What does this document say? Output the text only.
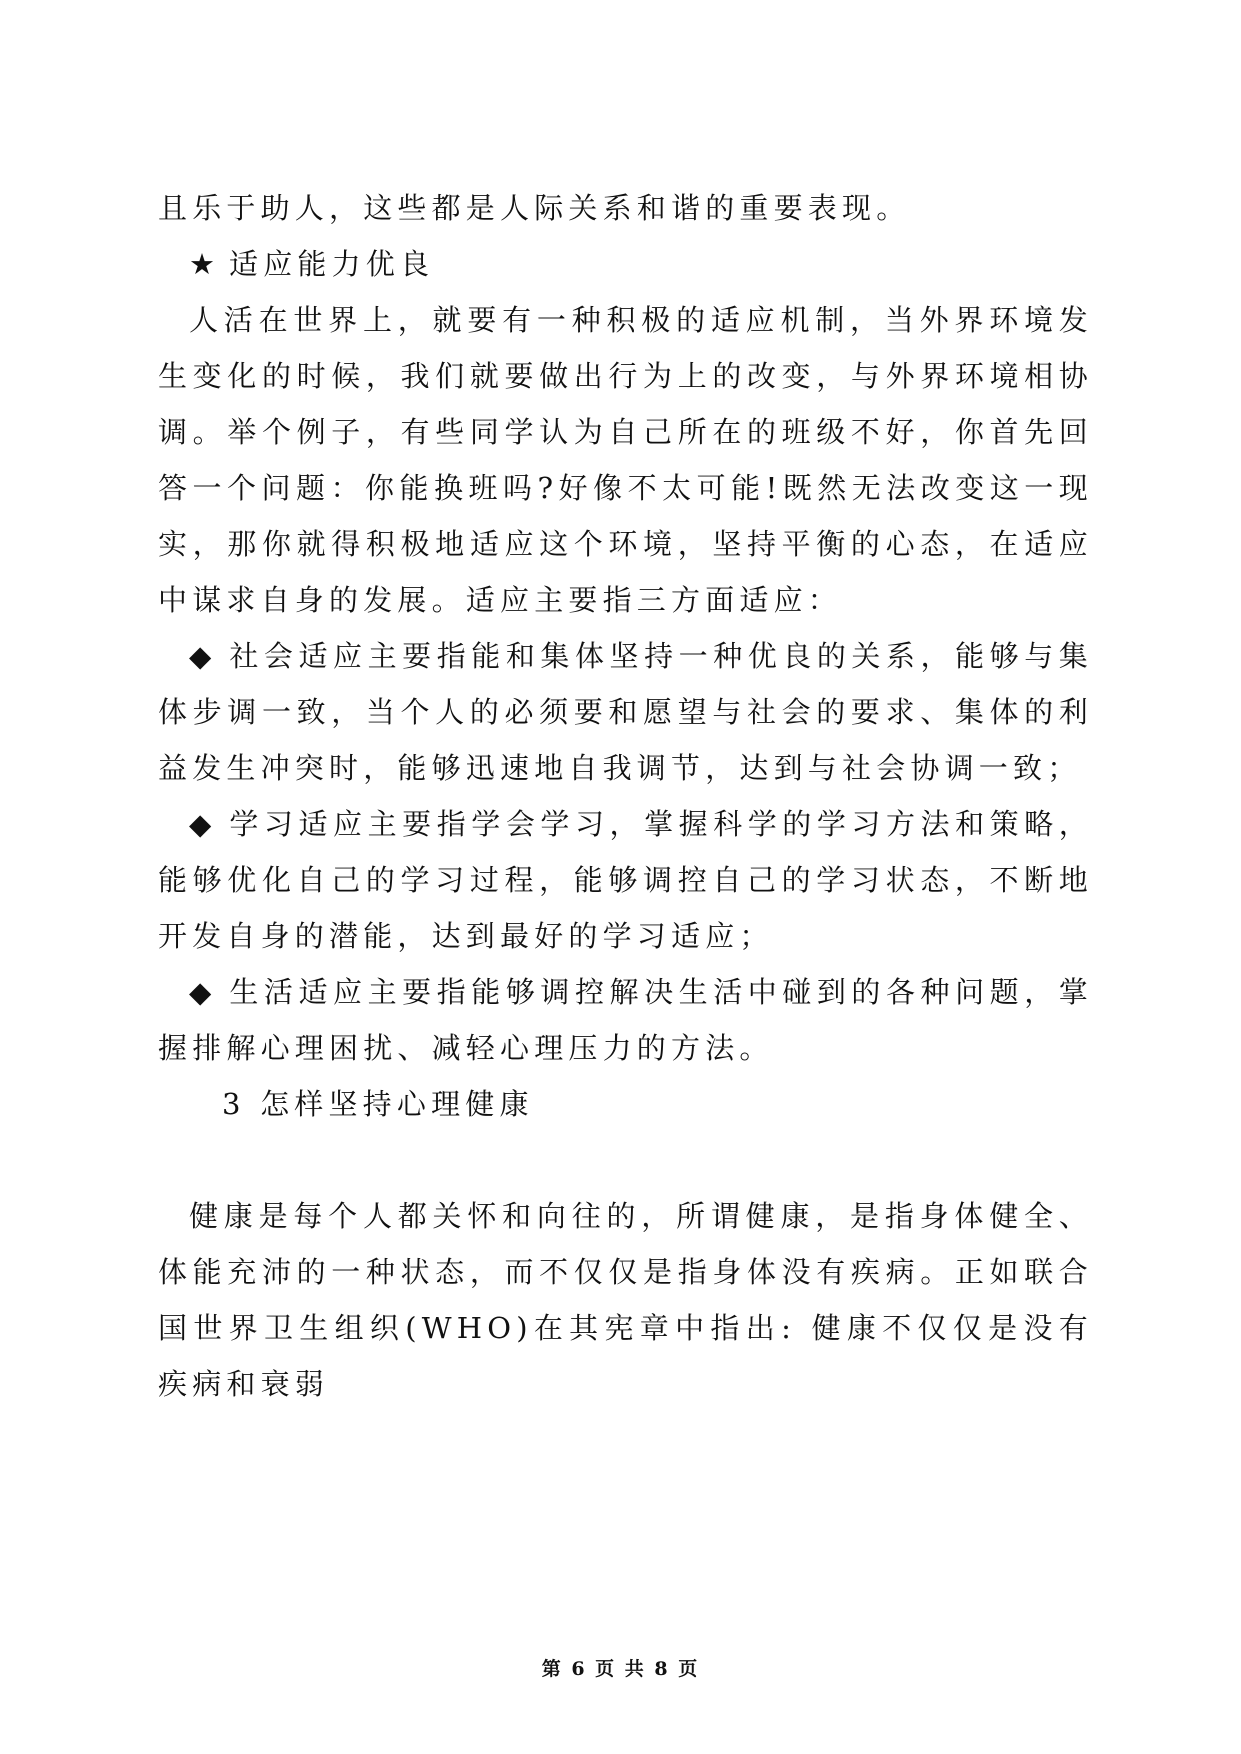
且乐于助人，这些都是人际关系和谐的重要表现。

★ 适应能力优良

人活在世界上，就要有一种积极的适应机制，当外界环境发生变化的时候，我们就要做出行为上的改变，与外界环境相协调。举个例子，有些同学认为自己所在的班级不好，你首先回答一个问题：你能换班吗?好像不太可能!既然无法改变这一现实，那你就得积极地适应这个环境，坚持平衡的心态，在适应中谋求自身的发展。适应主要指三方面适应：

◆ 社会适应主要指能和集体坚持一种优良的关系，能够与集体步调一致，当个人的必须要和愿望与社会的要求、集体的利益发生冲突时，能够迅速地自我调节，达到与社会协调一致；

◆ 学习适应主要指学会学习，掌握科学的学习方法和策略，能够优化自己的学习过程，能够调控自己的学习状态，不断地开发自身的潜能，达到最好的学习适应；

◆ 生活适应主要指能够调控解决生活中碰到的各种问题，掌握排解心理困扰、减轻心理压力的方法。

3 怎样坚持心理健康

健康是每个人都关怀和向往的，所谓健康，是指身体健全、体能充沛的一种状态，而不仅仅是指身体没有疾病。正如联合国世界卫生组织(WHO)在其宪章中指出: 健康不仅仅是没有疾病和衰弱

第 6 页 共 8 页
